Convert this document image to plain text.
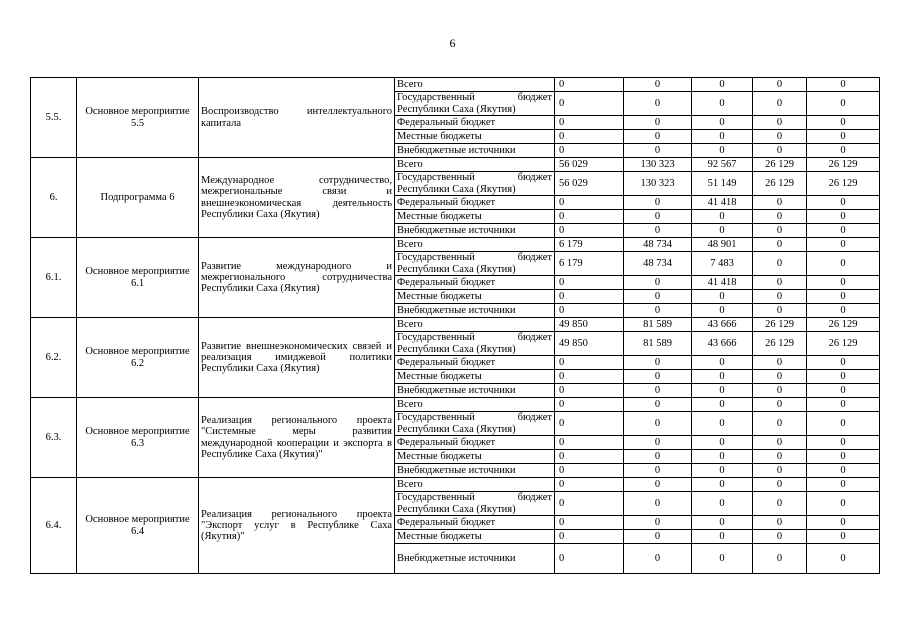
6
5.5.	Основное мероприятие 5.5	Воспроизводство интеллектуального капитала	Всего	0	0	0	0	0
			Государственный бюджет Республики Саха (Якутия)	0	0	0	0	0
			Федеральный бюджет	0	0	0	0	0
			Местные бюджеты	0	0	0	0	0
			Внебюджетные источники	0	0	0	0	0
6.	Подпрограмма 6	Международное сотрудничество, межрегиональные связи и внешнеэкономическая деятельность Республики Саха (Якутия)	Всего	56 029	130 323	92 567	26 129	26 129
			Государственный бюджет Республики Саха (Якутия)	56 029	130 323	51 149	26 129	26 129
			Федеральный бюджет	0	0	41 418	0	0
			Местные бюджеты	0	0	0	0	0
			Внебюджетные источники	0	0	0	0	0
6.1.	Основное мероприятие 6.1	Развитие международного и межрегионального сотрудничества Республики Саха (Якутия)	Всего	6 179	48 734	48 901	0	0
			Государственный бюджет Республики Саха (Якутия)	6 179	48 734	7 483	0	0
			Федеральный бюджет	0	0	41 418	0	0
			Местные бюджеты	0	0	0	0	0
			Внебюджетные источники	0	0	0	0	0
6.2.	Основное мероприятие 6.2	Развитие внешнеэкономических связей и реализация имиджевой политики Республики Саха (Якутия)	Всего	49 850	81 589	43 666	26 129	26 129
			Государственный бюджет Республики Саха (Якутия)	49 850	81 589	43 666	26 129	26 129
			Федеральный бюджет	0	0	0	0	0
			Местные бюджеты	0	0	0	0	0
			Внебюджетные источники	0	0	0	0	0
6.3.	Основное мероприятие 6.3	Реализация регионального проекта "Системные меры развития международной кооперации и экспорта в Республике Саха (Якутия)"	Всего	0	0	0	0	0
			Государственный бюджет Республики Саха (Якутия)	0	0	0	0	0
			Федеральный бюджет	0	0	0	0	0
			Местные бюджеты	0	0	0	0	0
			Внебюджетные источники	0	0	0	0	0
6.4.	Основное мероприятие 6.4	Реализация регионального проекта "Экспорт услуг в Республике Саха (Якутия)"	Всего	0	0	0	0	0
			Государственный бюджет Республики Саха (Якутия)	0	0	0	0	0
			Федеральный бюджет	0	0	0	0	0
			Местные бюджеты	0	0	0	0	0
			Внебюджетные источники	0	0	0	0	0
